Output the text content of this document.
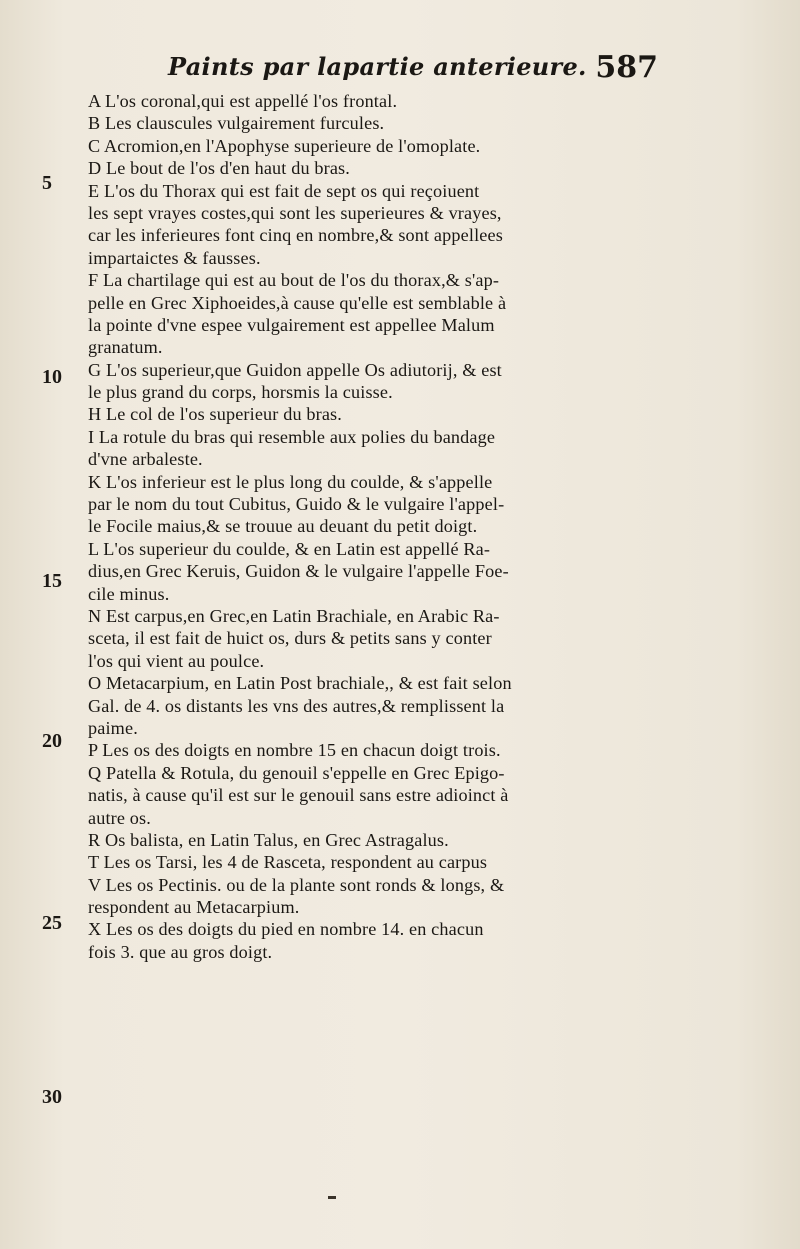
Paints par lapartie anterieure. 587
5
10
15
20
25
30
A L'os coronal,qui est appellé l'os frontal.
B Les clauscules vulgairement furcules.
C Acromion,en l'Apophyse superieure de l'omoplate.
D Le bout de l'os d'en haut du bras.
E L'os du Thorax qui est fait de sept os qui reçoiuent
les sept vrayes costes,qui sont les superieures & vrayes,
car les inferieures font cinq en nombre,& sont appellees
impartaictes & fausses.
F La chartilage qui est au bout de l'os du thorax,& s'ap-
pelle en Grec Xiphoeides,à cause qu'elle est semblable à
la pointe d'vne espee vulgairement est appellee Malum
granatum.
G L'os superieur,que Guidon appelle Os adiutorij, & est
le plus grand du corps, horsmis la cuisse.
H Le col de l'os superieur du bras.
I La rotule du bras qui resemble aux polies du bandage
d'vne arbaleste.
K L'os inferieur est le plus long du coulde, & s'appelle
par le nom du tout Cubitus, Guido & le vulgaire l'appel-
le Focile maius,& se trouue au deuant du petit doigt.
L L'os superieur du coulde, & en Latin est appellé Ra-
dius,en Grec Keruis, Guidon & le vulgaire l'appelle Foe-
cile minus.
N Est carpus,en Grec,en Latin Brachiale, en Arabic Ra-
sceta, il est fait de huict os, durs & petits sans y conter
l'os qui vient au poulce.
O Metacarpium, en Latin Post brachiale,, & est fait selon
Gal. de 4. os distants les vns des autres,& remplissent la
paime.
P Les os des doigts en nombre 15 en chacun doigt trois.
Q Patella & Rotula, du genouil s'eppelle en Grec Epigo-
natis, à cause qu'il est sur le genouil sans estre adioinct à
autre os.
R Os balista, en Latin Talus, en Grec Astragalus.
T Les os Tarsi, les 4 de Rasceta, respondent au carpus
V Les os Pectinis. ou de la plante sont ronds & longs, &
respondent au Metacarpium.
X Les os des doigts du pied en nombre 14. en chacun
fois 3. que au gros doigt.
